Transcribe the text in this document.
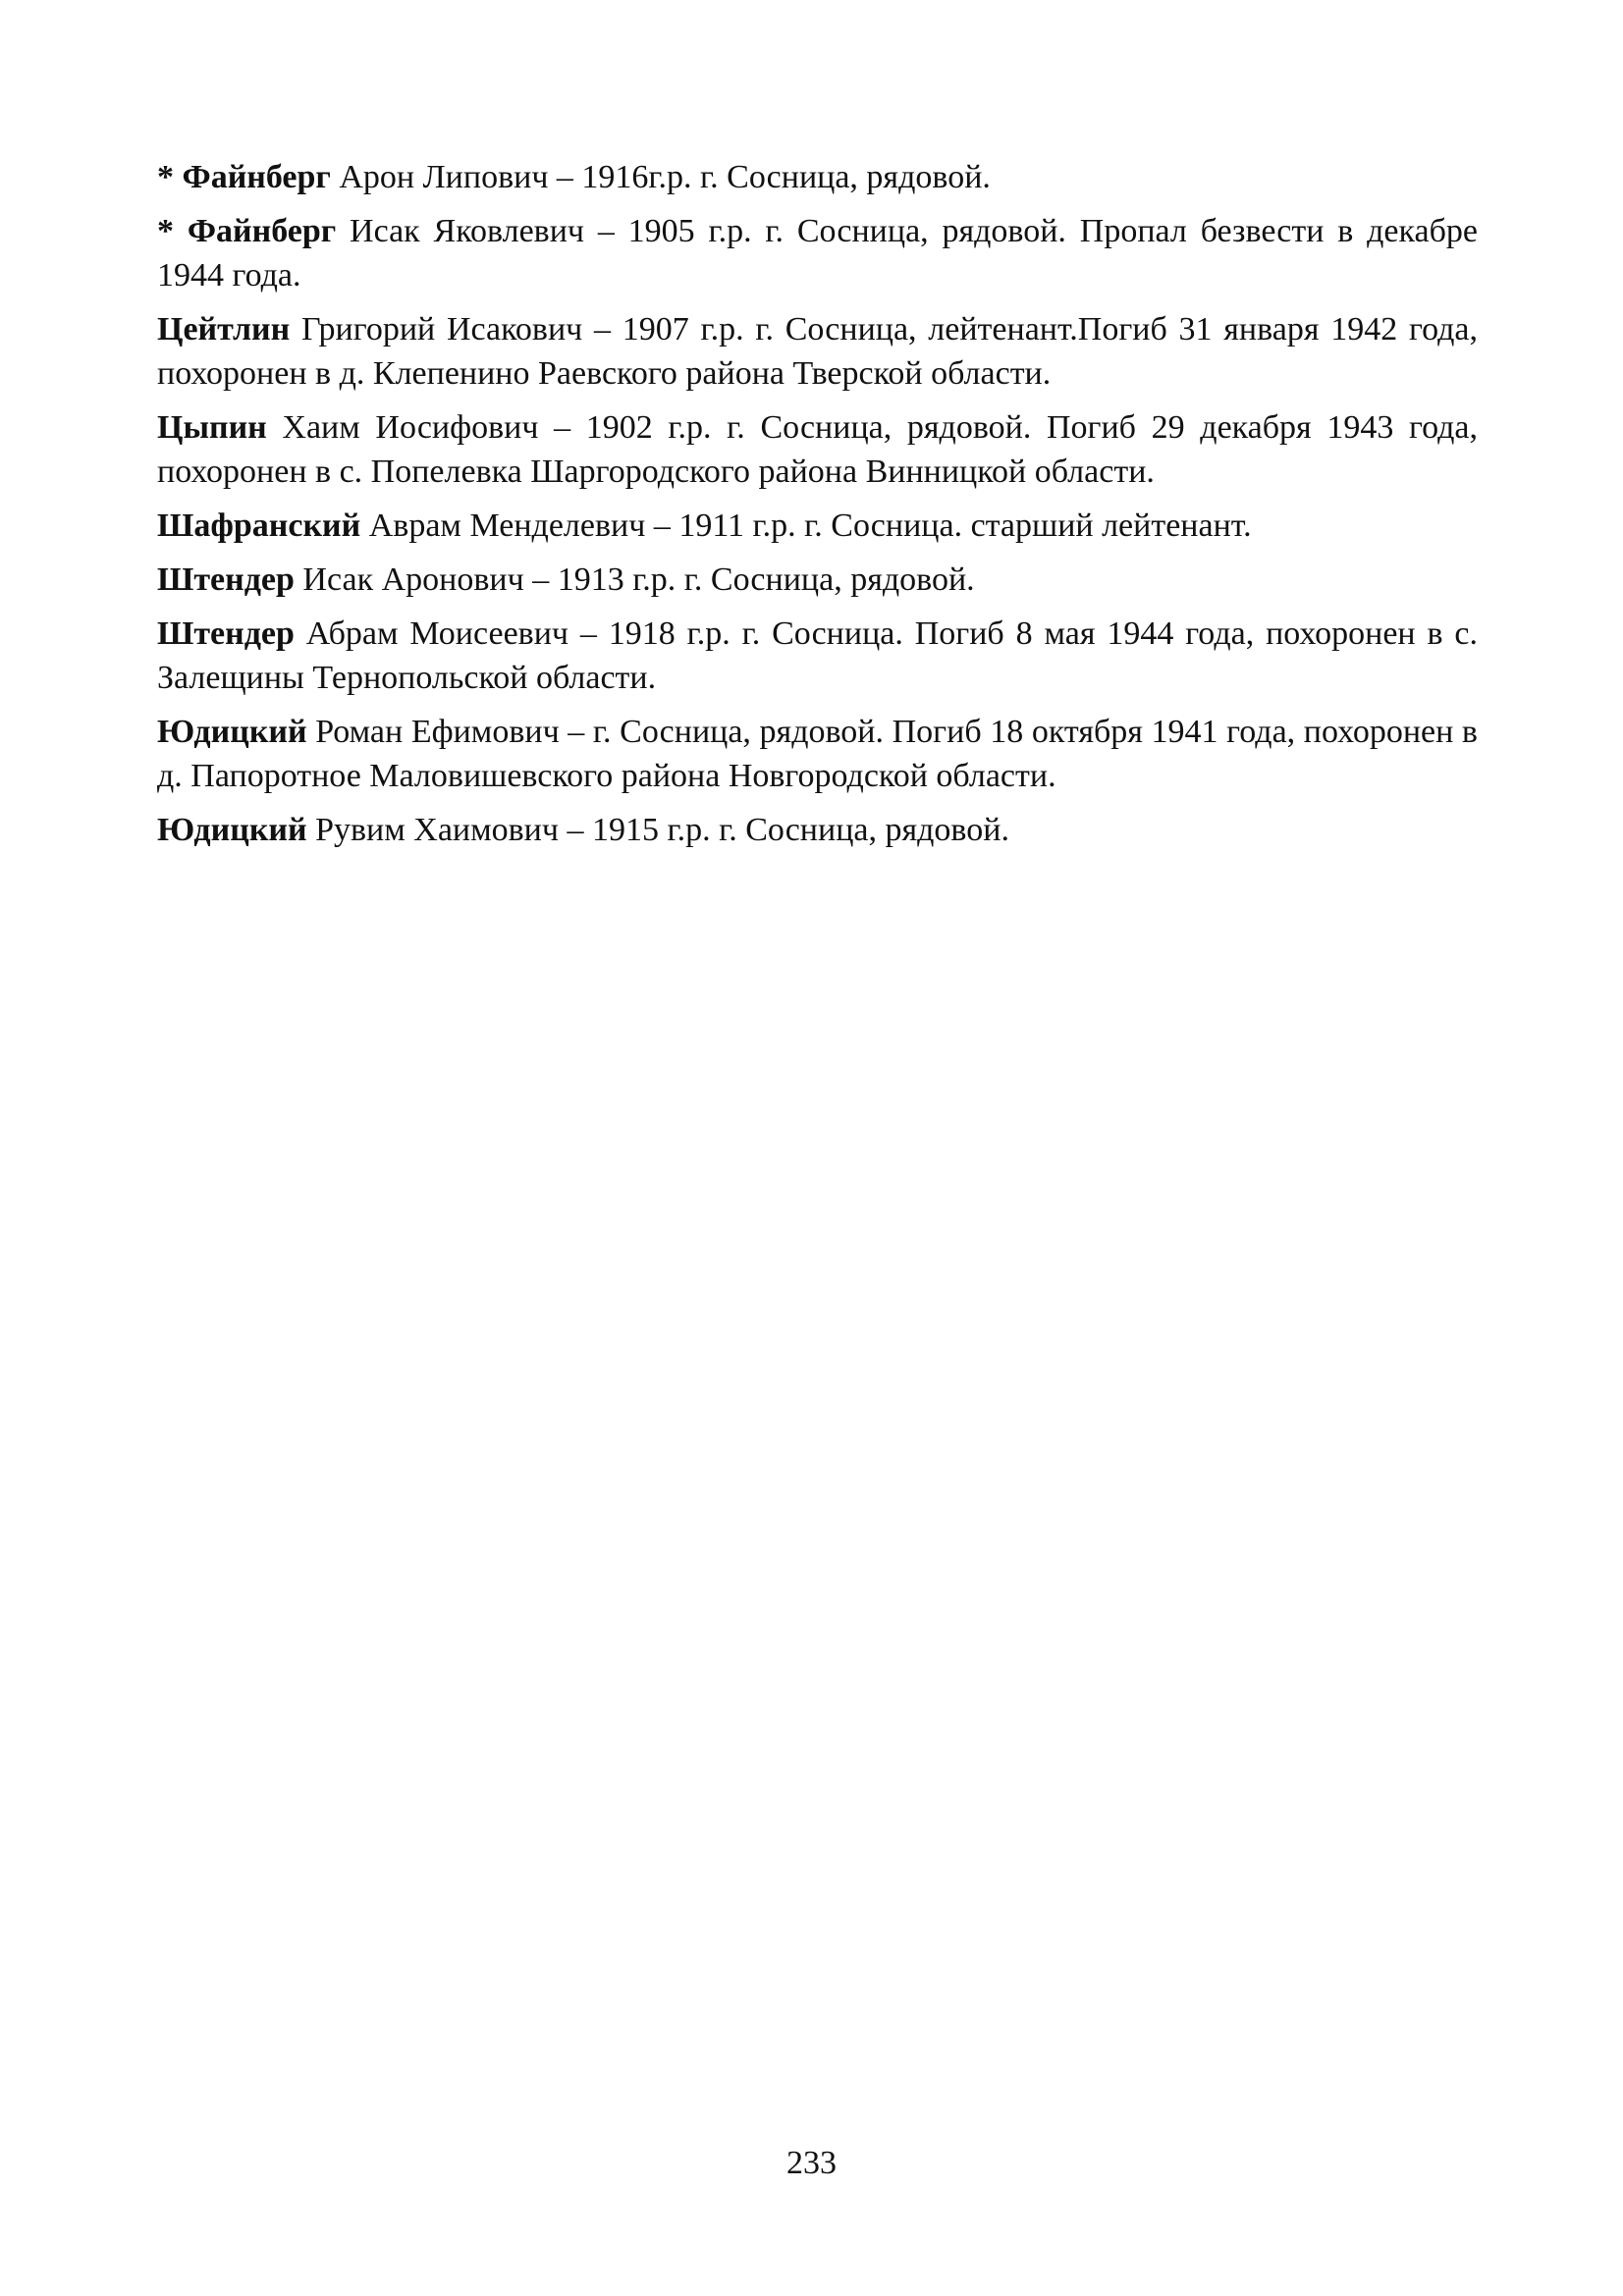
* Файнберг Арон Липович – 1916г.р. г. Сосница, рядовой.

* Файнберг Исак Яковлевич – 1905 г.р. г. Сосница, рядовой. Пропал безвести в декабре 1944 года.

Цейтлин Григорий Исакович – 1907 г.р. г. Сосница, лейтенант.Погиб 31 января 1942 года, похоронен в д. Клепенино Раевского района Тверской области.

Цыпин Хаим Иосифович – 1902 г.р. г. Сосница, рядовой. Погиб 29 декабря 1943 года, похоронен в с. Попелевка Шаргородского района Винницкой области.

Шафранский Аврам Менделевич – 1911 г.р. г. Сосница. старший лейтенант.

Штендер Исак Аронович – 1913 г.р. г. Сосница, рядовой.

Штендер Абрам Моисеевич – 1918 г.р. г. Сосница. Погиб 8 мая 1944 года, похоронен в с. Залещины Тернопольской области.

Юдицкий Роман Ефимович – г. Сосница, рядовой. Погиб 18 октября 1941 года, похоронен в д. Папоротное Маловишевского района Новгородской области.

Юдицкий Рувим Хаимович – 1915 г.р. г. Сосница, рядовой.

233
